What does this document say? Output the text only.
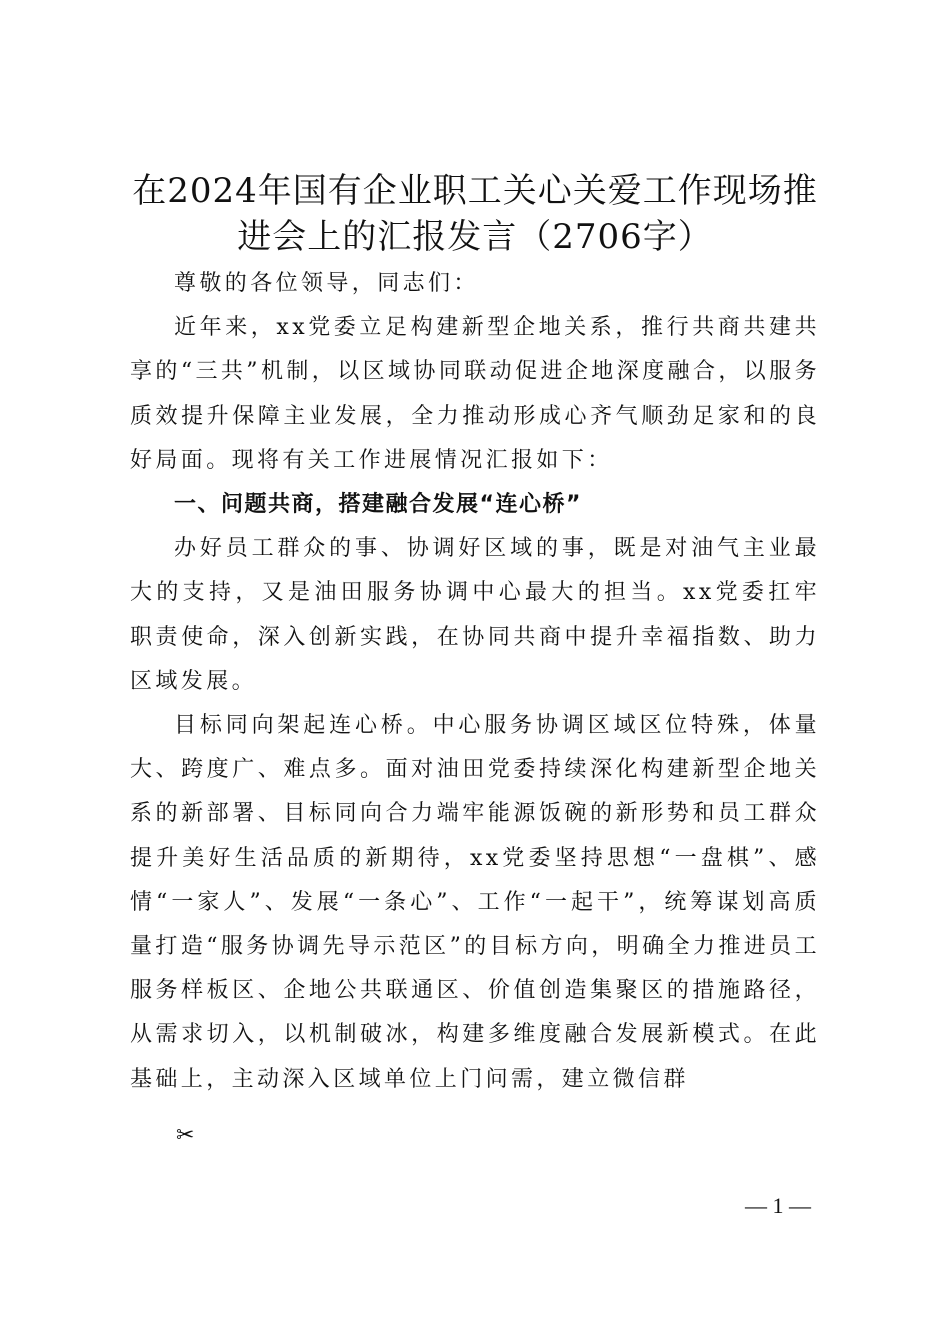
在2024年国有企业职工关心关爱工作现场推进会上的汇报发言（2706字）

尊敬的各位领导，同志们：

近年来，xx党委立足构建新型企地关系，推行共商共建共享的“三共”机制，以区域协同联动促进企地深度融合，以服务质效提升保障主业发展，全力推动形成心齐气顺劲足家和的良好局面。现将有关工作进展情况汇报如下：

一、问题共商，搭建融合发展“连心桥”

办好员工群众的事、协调好区域的事，既是对油气主业最大的支持，又是油田服务协调中心最大的担当。xx党委扛牢职责使命，深入创新实践，在协同共商中提升幸福指数、助力区域发展。

目标同向架起连心桥。中心服务协调区域区位特殊，体量大、跨度广、难点多。面对油田党委持续深化构建新型企地关系的新部署、目标同向合力端牢能源饭碗的新形势和员工群众提升美好生活品质的新期待，xx党委坚持思想“一盘棋”、感情“一家人”、发展“一条心”、工作“一起干”，统筹谋划高质量打造“服务协调先导示范区”的目标方向，明确全力推进员工服务样板区、企地公共联通区、价值创造集聚区的措施路径，从需求切入，以机制破冰，构建多维度融合发展新模式。在此基础上，主动深入区域单位上门问需，建立微信群

✂
— 1 —
